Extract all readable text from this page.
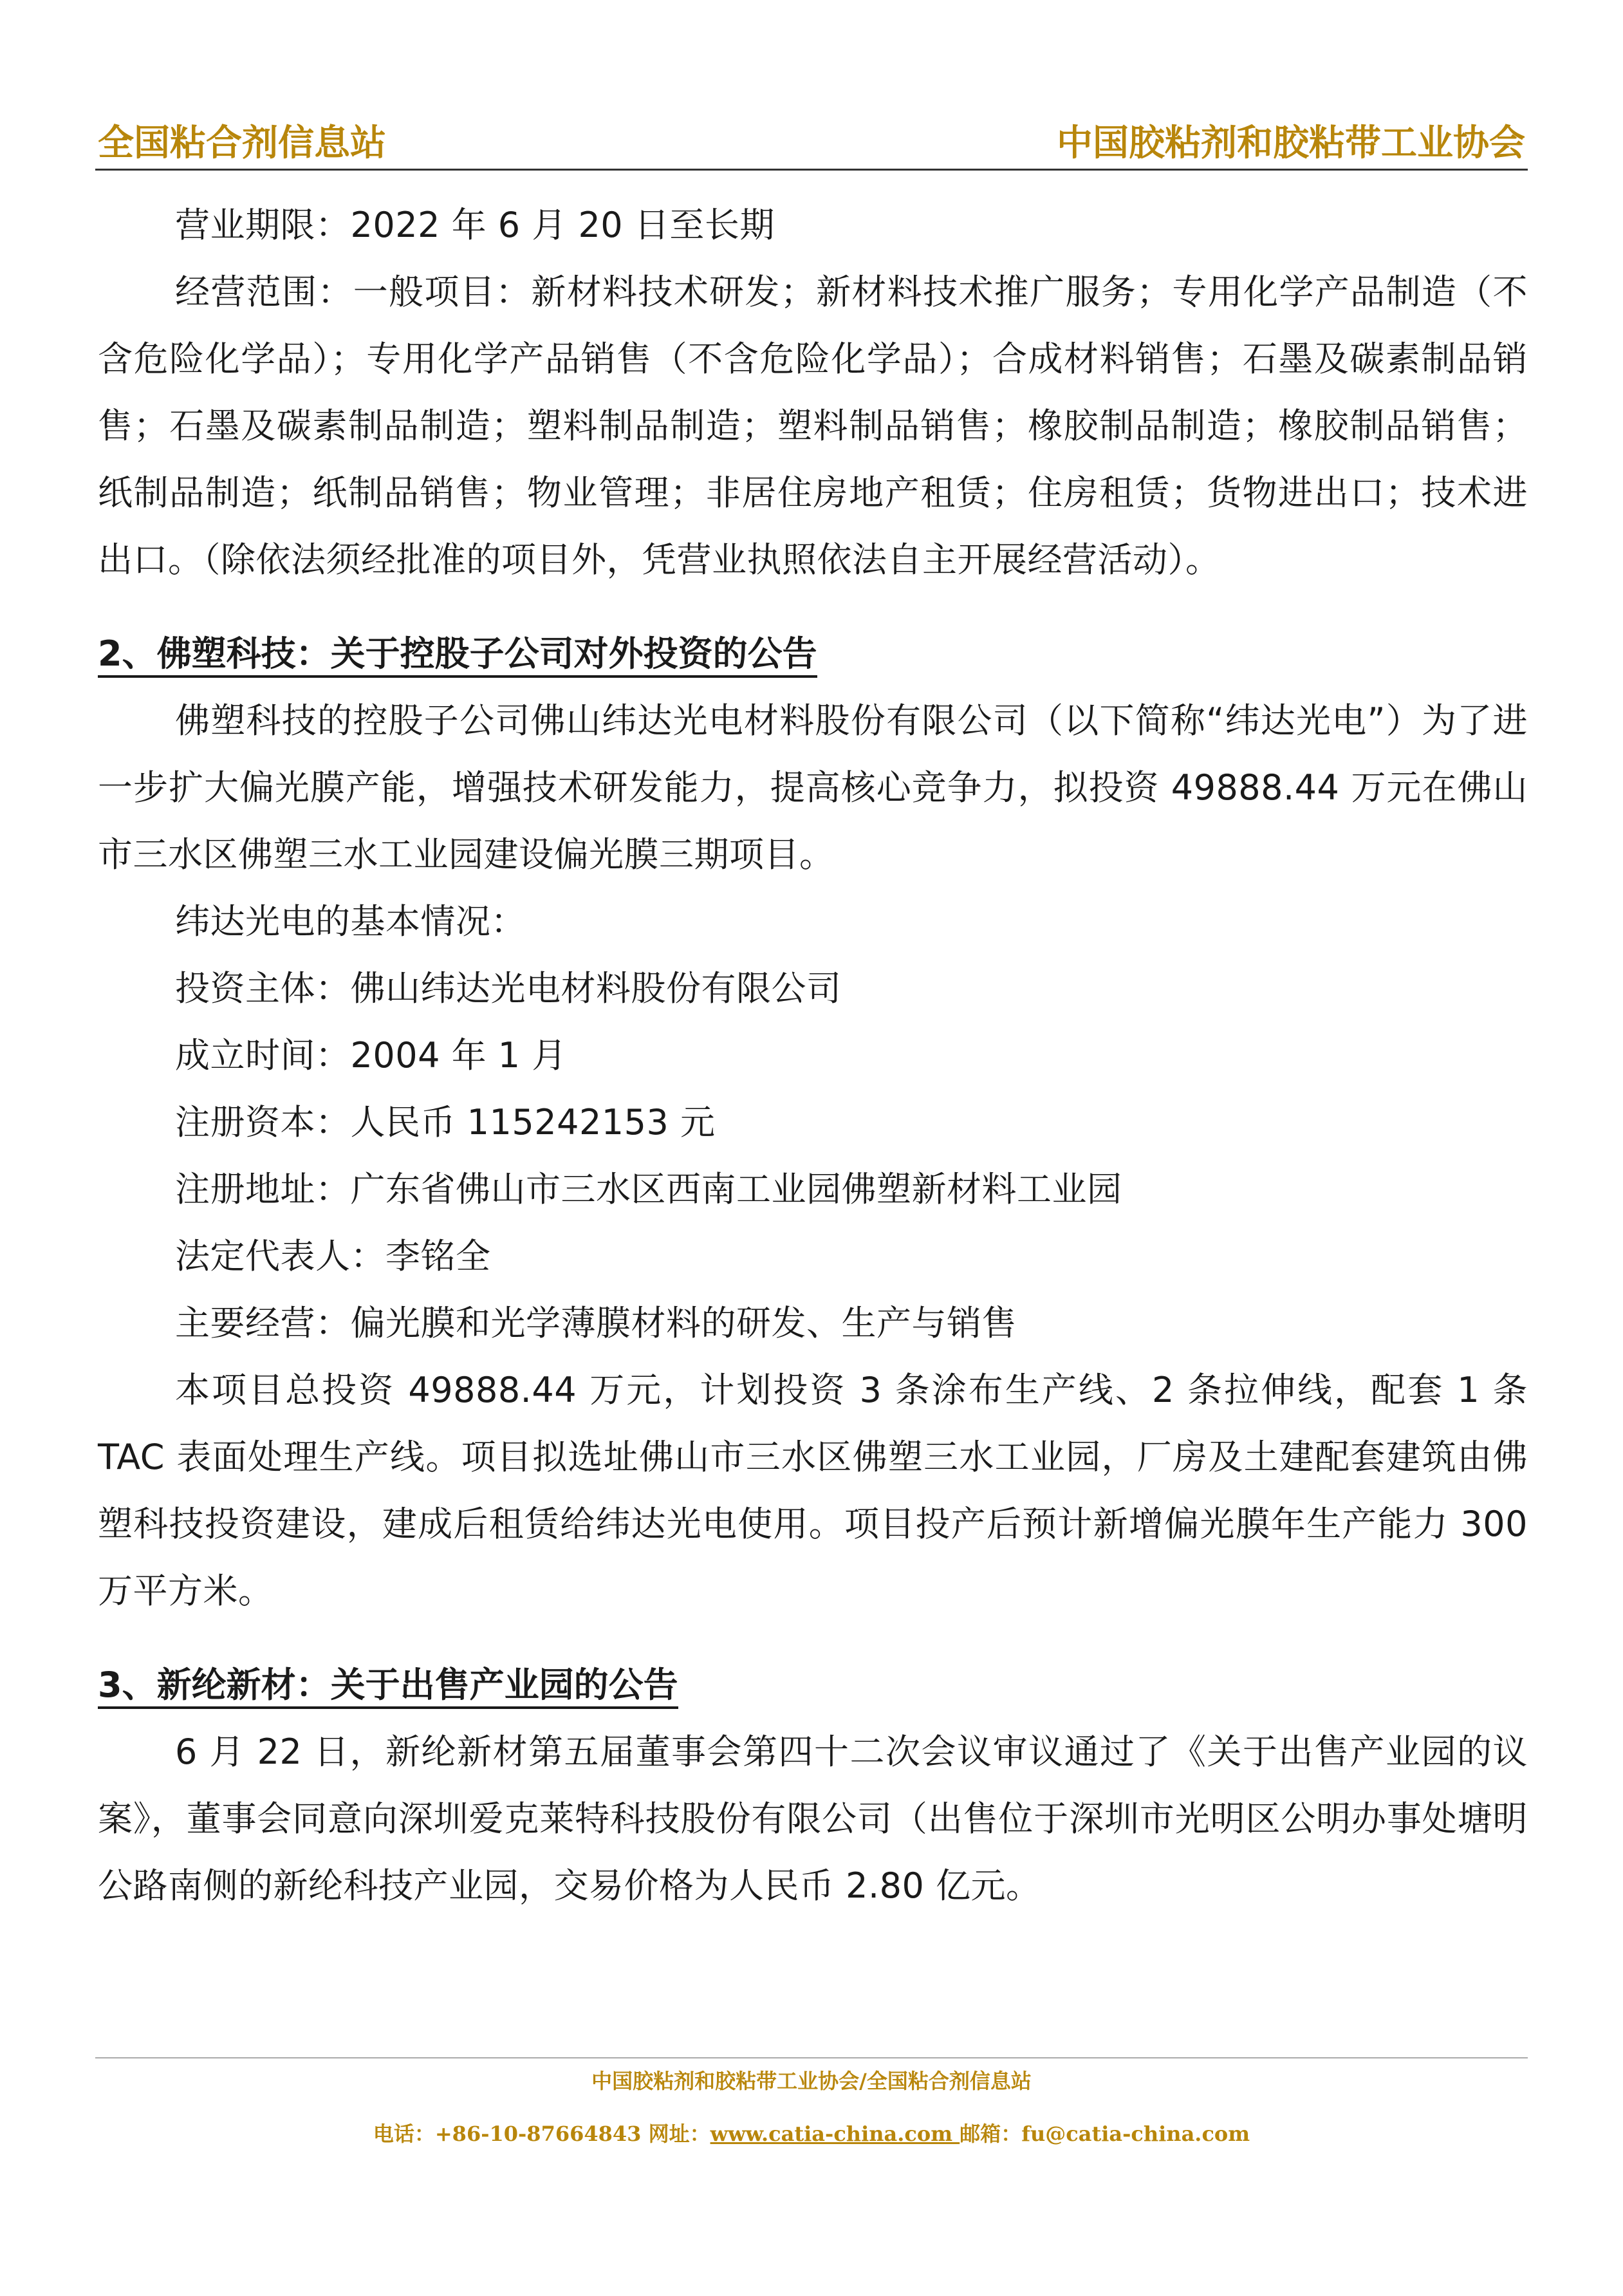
全国粘合剂信息站	中国胶粘剂和胶粘带工业协会

营业期限：2022 年 6 月 20 日至长期

经营范围：一般项目：新材料技术研发；新材料技术推广服务；专用化学产品制造（不含危险化学品）；专用化学产品销售（不含危险化学品）；合成材料销售；石墨及碳素制品销售；石墨及碳素制品制造；塑料制品制造；塑料制品销售；橡胶制品制造；橡胶制品销售；纸制品制造；纸制品销售；物业管理；非居住房地产租赁；住房租赁；货物进出口；技术进出口。（除依法须经批准的项目外，凭营业执照依法自主开展经营活动）。

2、佛塑科技：关于控股子公司对外投资的公告

佛塑科技的控股子公司佛山纬达光电材料股份有限公司（以下简称“纬达光电”）为了进一步扩大偏光膜产能，增强技术研发能力，提高核心竞争力，拟投资 49888.44 万元在佛山市三水区佛塑三水工业园建设偏光膜三期项目。

纬达光电的基本情况：

投资主体：佛山纬达光电材料股份有限公司

成立时间：2004 年 1 月

注册资本：人民币 115242153 元

注册地址：广东省佛山市三水区西南工业园佛塑新材料工业园

法定代表人：李铭全

主要经营：偏光膜和光学薄膜材料的研发、生产与销售

本项目总投资 49888.44 万元，计划投资 3 条涂布生产线、2 条拉伸线，配套 1 条 TAC 表面处理生产线。项目拟选址佛山市三水区佛塑三水工业园，厂房及土建配套建筑由佛塑科技投资建设，建成后租赁给纬达光电使用。项目投产后预计新增偏光膜年生产能力 300 万平方米。

3、新纶新材：关于出售产业园的公告

6 月 22 日，新纶新材第五届董事会第四十二次会议审议通过了《关于出售产业园的议案》，董事会同意向深圳爱克莱特科技股份有限公司（出售位于深圳市光明区公明办事处塘明公路南侧的新纶科技产业园，交易价格为人民币 2.80 亿元。

中国胶粘剂和胶粘带工业协会/全国粘合剂信息站
电话：+86-10-87664843 网址：www.catia-china.com 邮箱：fu@catia-china.com
